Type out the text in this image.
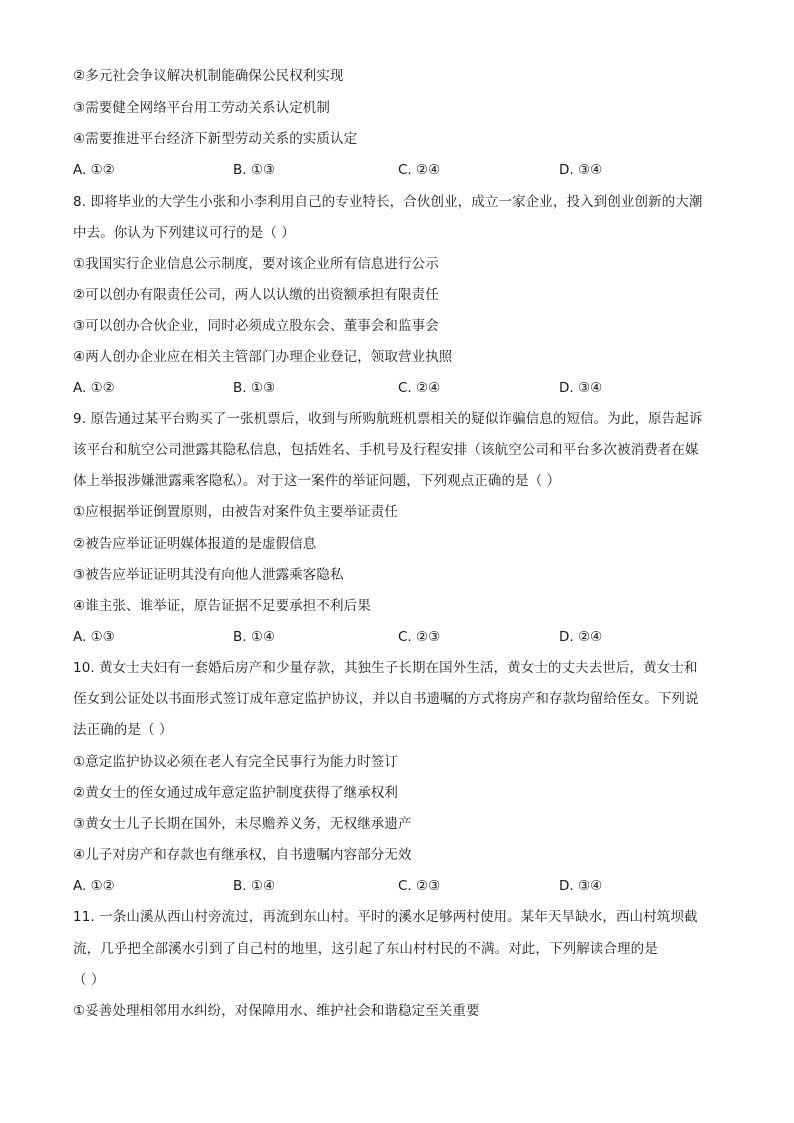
②多元社会争议解决机制能确保公民权利实现
③需要健全网络平台用工劳动关系认定机制
④需要推进平台经济下新型劳动关系的实质认定
A. ①②	B. ①③	C. ②④	D. ③④
8. 即将毕业的大学生小张和小李利用自己的专业特长，合伙创业，成立一家企业，投入到创业创新的大潮
中去。你认为下列建议可行的是（ ）
①我国实行企业信息公示制度，要对该企业所有信息进行公示
②可以创办有限责任公司，两人以认缴的出资额承担有限责任
③可以创办合伙企业，同时必须成立股东会、董事会和监事会
④两人创办企业应在相关主管部门办理企业登记，领取营业执照
A. ①②	B. ①③	C. ②④	D. ③④
9. 原告通过某平台购买了一张机票后，收到与所购航班机票相关的疑似诈骗信息的短信。为此，原告起诉
该平台和航空公司泄露其隐私信息，包括姓名、手机号及行程安排（该航空公司和平台多次被消费者在媒
体上举报涉嫌泄露乘客隐私）。对于这一案件的举证问题，下列观点正确的是（ ）
①应根据举证倒置原则，由被告对案件负主要举证责任
②被告应举证证明媒体报道的是虚假信息
③被告应举证证明其没有向他人泄露乘客隐私
④谁主张、谁举证，原告证据不足要承担不利后果
A. ①③	B. ①④	C. ②③	D. ②④
10. 黄女士夫妇有一套婚后房产和少量存款，其独生子长期在国外生活，黄女士的丈夫去世后，黄女士和
侄女到公证处以书面形式签订成年意定监护协议，并以自书遗嘱的方式将房产和存款均留给侄女。下列说
法正确的是（ ）
①意定监护协议必须在老人有完全民事行为能力时签订
②黄女士的侄女通过成年意定监护制度获得了继承权利
③黄女士儿子长期在国外，未尽赡养义务，无权继承遗产
④儿子对房产和存款也有继承权，自书遗嘱内容部分无效
A. ①②	B. ①④	C. ②③	D. ③④
11. 一条山溪从西山村旁流过，再流到东山村。平时的溪水足够两村使用。某年天旱缺水，西山村筑坝截
流，几乎把全部溪水引到了自己村的地里，这引起了东山村村民的不满。对此，下列解读合理的是
（ ）
①妥善处理相邻用水纠纷，对保障用水、维护社会和谐稳定至关重要
